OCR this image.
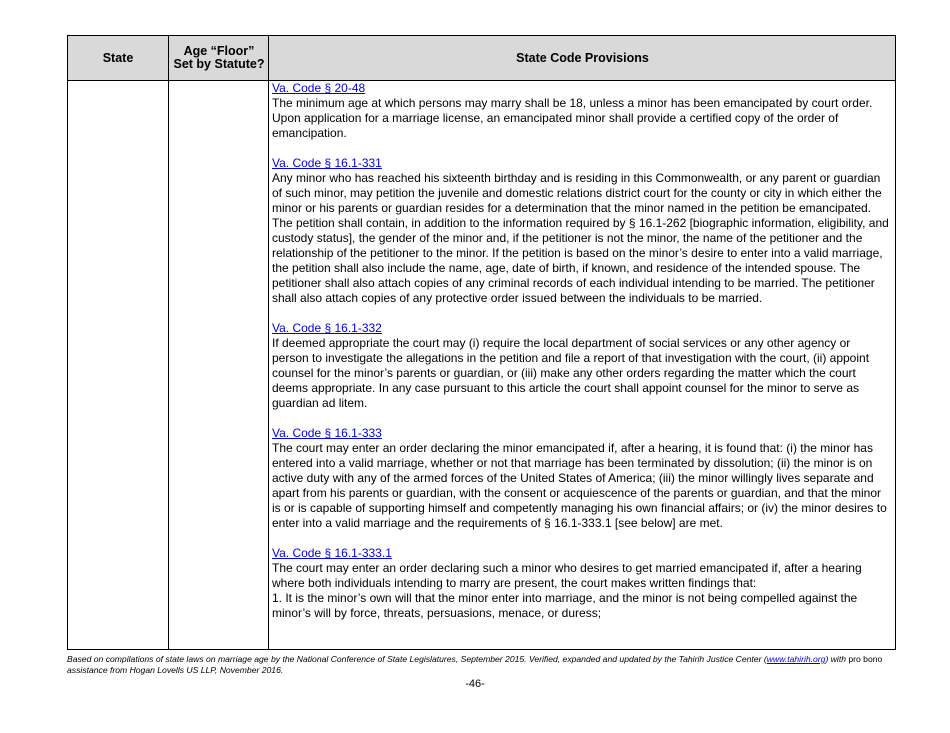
State	Age “Floor” Set by Statute?	State Code Provisions
Va. Code § 20-48

The minimum age at which persons may marry shall be 18, unless a minor has been emancipated by court order. Upon application for a marriage license, an emancipated minor shall provide a certified copy of the order of emancipation.

Va. Code § 16.1-331

Any minor who has reached his sixteenth birthday and is residing in this Commonwealth, or any parent or guardian of such minor, may petition the juvenile and domestic relations district court for the county or city in which either the minor or his parents or guardian resides for a determination that the minor named in the petition be emancipated. The petition shall contain, in addition to the information required by § 16.1-262 [biographic information, eligibility, and custody status], the gender of the minor and, if the petitioner is not the minor, the name of the petitioner and the relationship of the petitioner to the minor. If the petition is based on the minor’s desire to enter into a valid marriage, the petition shall also include the name, age, date of birth, if known, and residence of the intended spouse. The petitioner shall also attach copies of any criminal records of each individual intending to be married. The petitioner shall also attach copies of any protective order issued between the individuals to be married.

Va. Code § 16.1-332

If deemed appropriate the court may (i) require the local department of social services or any other agency or person to investigate the allegations in the petition and file a report of that investigation with the court, (ii) appoint counsel for the minor’s parents or guardian, or (iii) make any other orders regarding the matter which the court deems appropriate. In any case pursuant to this article the court shall appoint counsel for the minor to serve as guardian ad litem.

Va. Code § 16.1-333

The court may enter an order declaring the minor emancipated if, after a hearing, it is found that: (i) the minor has entered into a valid marriage, whether or not that marriage has been terminated by dissolution; (ii) the minor is on active duty with any of the armed forces of the United States of America; (iii) the minor willingly lives separate and apart from his parents or guardian, with the consent or acquiescence of the parents or guardian, and that the minor is or is capable of supporting himself and competently managing his own financial affairs; or (iv) the minor desires to enter into a valid marriage and the requirements of § 16.1-333.1 [see below] are met.

Va. Code § 16.1-333.1

The court may enter an order declaring such a minor who desires to get married emancipated if, after a hearing where both individuals intending to marry are present, the court makes written findings that:

1. It is the minor’s own will that the minor enter into marriage, and the minor is not being compelled against the minor’s will by force, threats, persuasions, menace, or duress;

Based on compilations of state laws on marriage age by the National Conference of State Legislatures, September 2015. Verified, expanded and updated by the Tahirih Justice Center (www.tahirih.org) with pro bono assistance from Hogan Lovells US LLP, November 2016.
-46-
